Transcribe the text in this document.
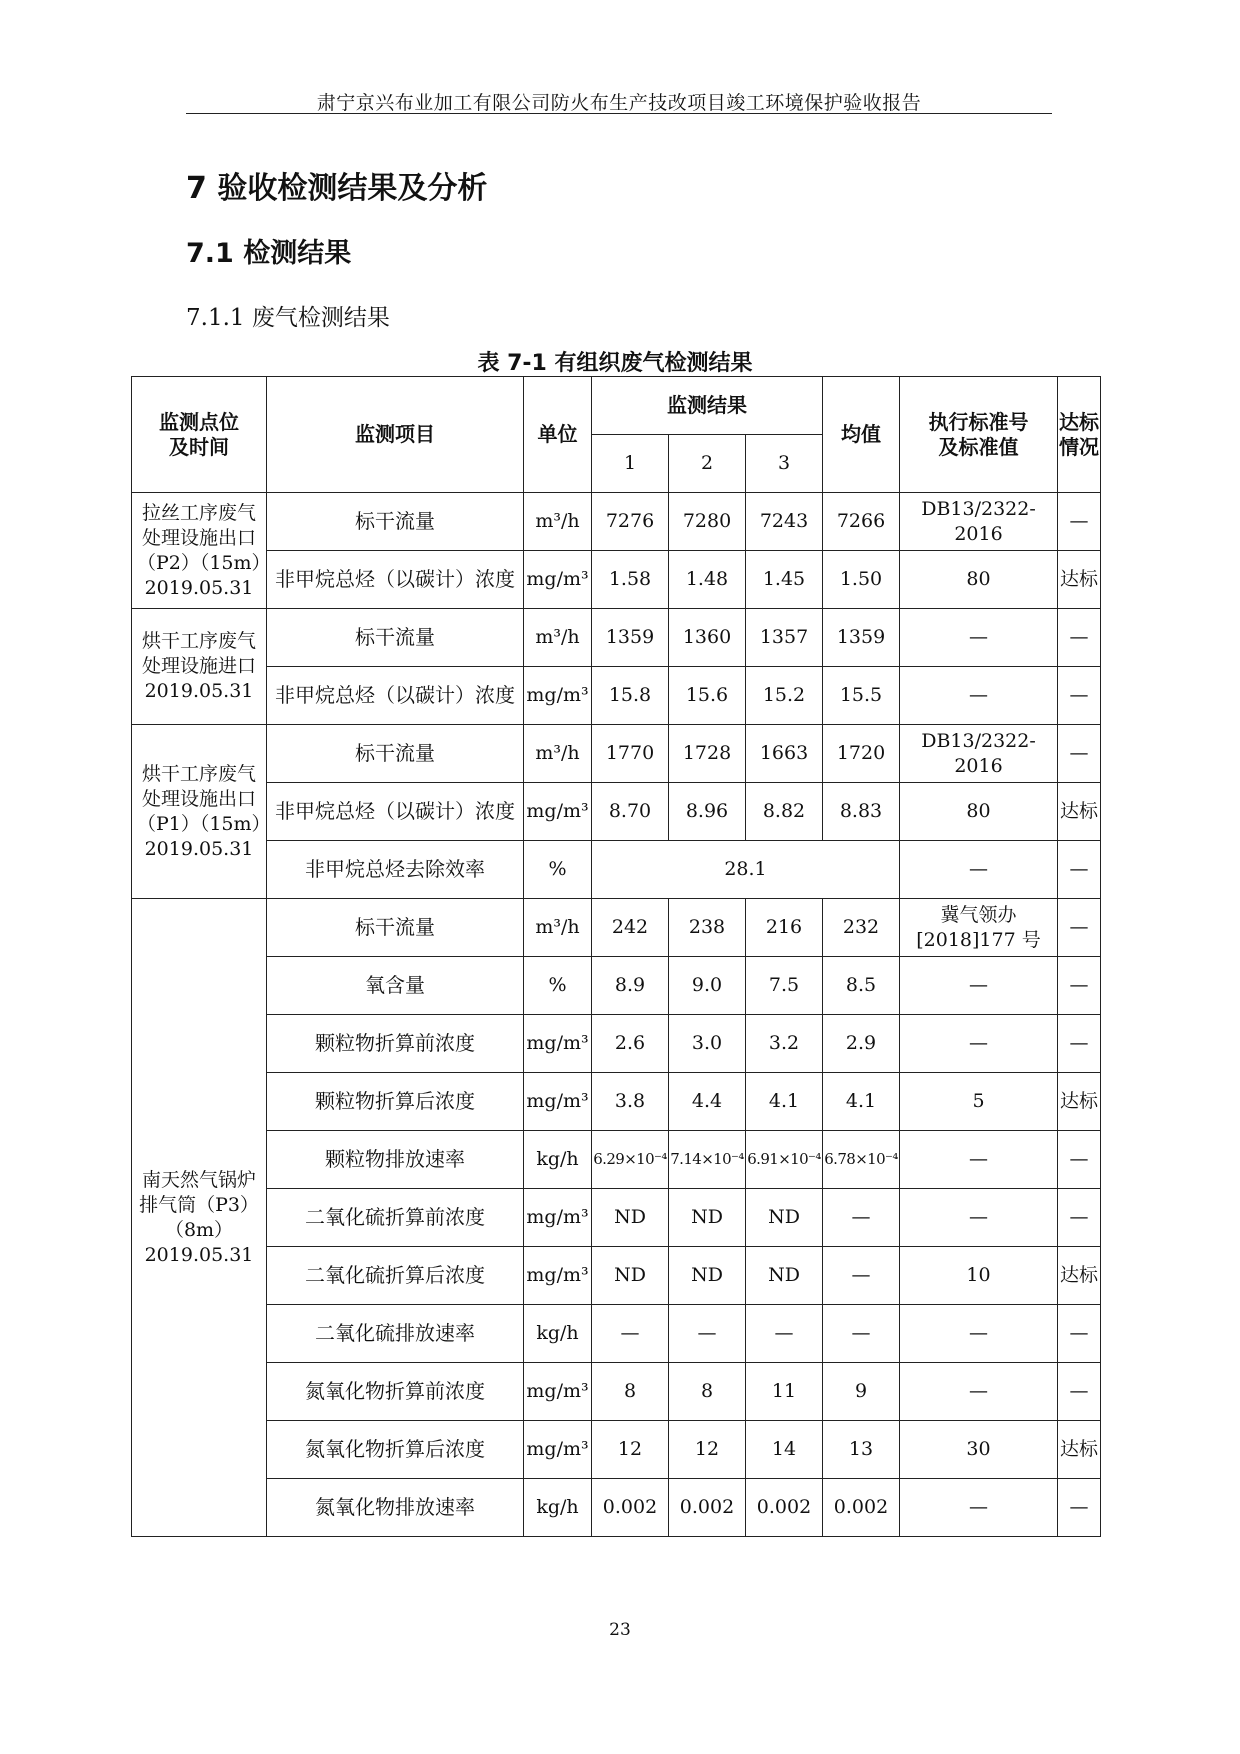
肃宁京兴布业加工有限公司防火布生产技改项目竣工环境保护验收报告
7 验收检测结果及分析
7.1 检测结果
7.1.1 废气检测结果
表 7-1 有组织废气检测结果
监测点位及时间	监测项目	单位	监测结果			均值	执行标准号及标准值	达标情况
			1	2	3			
拉丝工序废气处理设施出口（P2）（15m）2019.05.31	标干流量	m³/h	7276	7280	7243	7266	DB13/2322-2016	—
	非甲烷总烃（以碳计）浓度	mg/m³	1.58	1.48	1.45	1.50	80	达标
烘干工序废气处理设施进口2019.05.31	标干流量	m³/h	1359	1360	1357	1359	—	—
	非甲烷总烃（以碳计）浓度	mg/m³	15.8	15.6	15.2	15.5	—	—
烘干工序废气处理设施出口（P1）（15m）2019.05.31	标干流量	m³/h	1770	1728	1663	1720	DB13/2322-2016	—
	非甲烷总烃（以碳计）浓度	mg/m³	8.70	8.96	8.82	8.83	80	达标
	非甲烷总烃去除效率	%	28.1				—	—
南天然气锅炉排气筒（P3）（8m）2019.05.31	标干流量	m³/h	242	238	216	232	冀气领办[2018]177 号	—
	氧含量	%	8.9	9.0	7.5	8.5	—	—
	颗粒物折算前浓度	mg/m³	2.6	3.0	3.2	2.9	—	—
	颗粒物折算后浓度	mg/m³	3.8	4.4	4.1	4.1	5	达标
	颗粒物排放速率	kg/h	6.29×10⁻⁴	7.14×10⁻⁴	6.91×10⁻⁴	6.78×10⁻⁴	—	—
	二氧化硫折算前浓度	mg/m³	ND	ND	ND	—	—	—
	二氧化硫折算后浓度	mg/m³	ND	ND	ND	—	10	达标
	二氧化硫排放速率	kg/h	—	—	—	—	—	—
	氮氧化物折算前浓度	mg/m³	8	8	11	9	—	—
	氮氧化物折算后浓度	mg/m³	12	12	14	13	30	达标
	氮氧化物排放速率	kg/h	0.002	0.002	0.002	0.002	—	—
23
